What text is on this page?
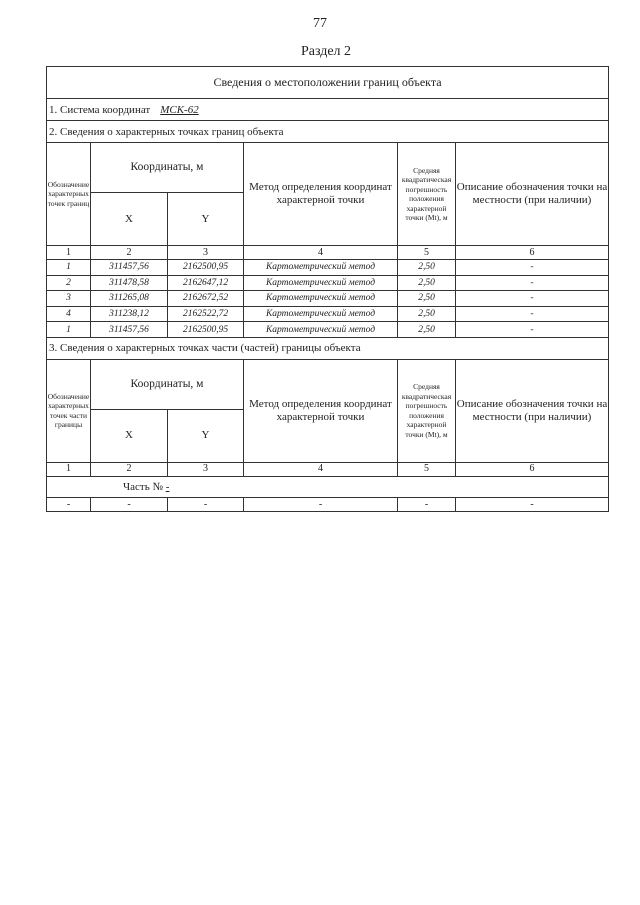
77
Раздел 2
Сведения о местоположении границ объекта					
1. Система координат МСК-62					
2. Сведения о характерных точках границ объекта					
Обозначение характерных точек границ	Координаты, м		Метод определения координат характерной точки	Средняя квадратическая погрешность положения характерной точки (Mt), м	Описание обозначения точки на местности (при наличии)
	X	Y			
1	2	3	4	5	6
1	311457,56	2162500,95	Картометрический метод	2,50	-
2	311478,58	2162647,12	Картометрический метод	2,50	-
3	311265,08	2162672,52	Картометрический метод	2,50	-
4	311238,12	2162522,72	Картометрический метод	2,50	-
1	311457,56	2162500,95	Картометрический метод	2,50	-
3. Сведения о характерных точках части (частей) границы объекта					
Обозначение характерных точек части границы	Координаты, м		Метод определения координат характерной точки	Средняя квадратическая погрешность положения характерной точки (Mt), м	Описание обозначения точки на местности (при наличии)
	X	Y			
1	2	3	4	5	6
Часть № -					
-	-	-	-	-	-
